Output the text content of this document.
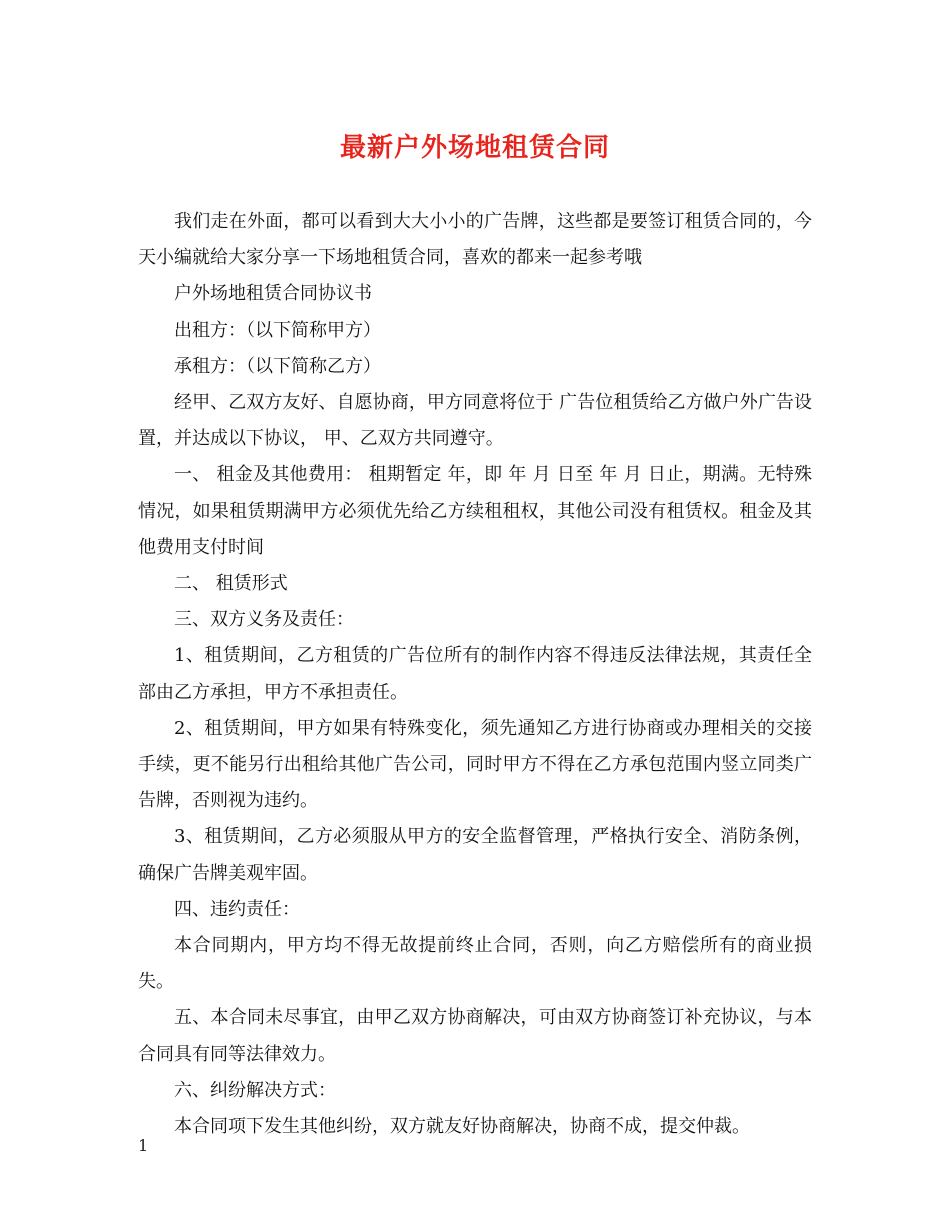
最新户外场地租赁合同

我们走在外面，都可以看到大大小小的广告牌，这些都是要签订租赁合同的，今天小编就给大家分享一下场地租赁合同，喜欢的都来一起参考哦

户外场地租赁合同协议书

出租方：（以下简称甲方）

承租方：（以下简称乙方）

经甲、乙双方友好、自愿协商，甲方同意将位于 广告位租赁给乙方做户外广告设置，并达成以下协议， 甲、乙双方共同遵守。

一、 租金及其他费用： 租期暂定 年，即 年 月 日至 年 月 日止，期满。无特殊情况，如果租赁期满甲方必须优先给乙方续租租权，其他公司没有租赁权。租金及其他费用支付时间

二、 租赁形式

三、双方义务及责任：

1、租赁期间，乙方租赁的广告位所有的制作内容不得违反法律法规，其责任全部由乙方承担，甲方不承担责任。

2、租赁期间，甲方如果有特殊变化，须先通知乙方进行协商或办理相关的交接手续，更不能另行出租给其他广告公司，同时甲方不得在乙方承包范围内竖立同类广告牌，否则视为违约。

3、租赁期间，乙方必须服从甲方的安全监督管理，严格执行安全、消防条例，确保广告牌美观牢固。

四、违约责任：

本合同期内，甲方均不得无故提前终止合同，否则，向乙方赔偿所有的商业损失。

五、本合同未尽事宜，由甲乙双方协商解决，可由双方协商签订补充协议，与本合同具有同等法律效力。

六、纠纷解决方式：

本合同项下发生其他纠纷，双方就友好协商解决，协商不成，提交仲裁。

1
